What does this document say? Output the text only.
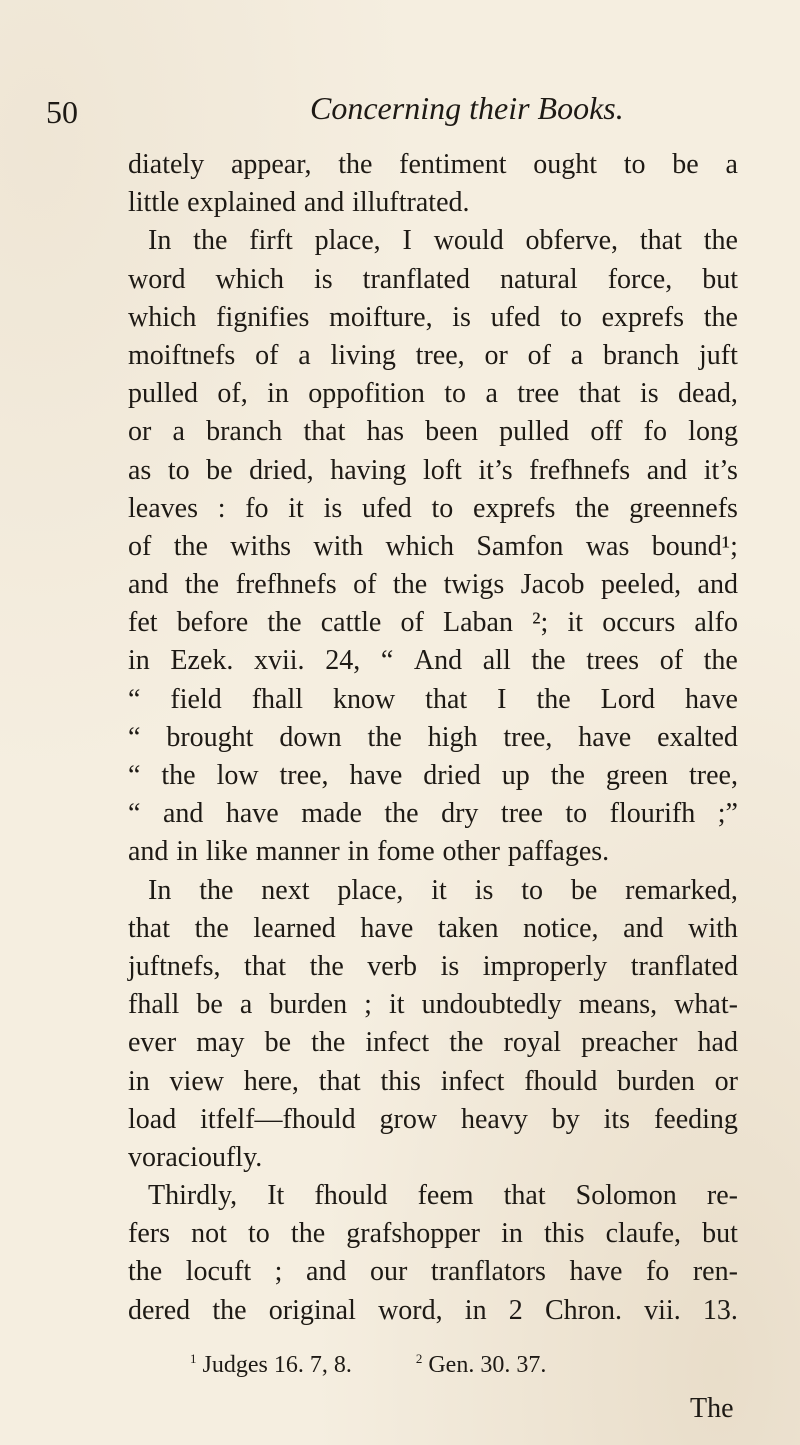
50	Concerning their Books.
diately appear, the fentiment ought to be a
little explained and illuftrated.
In the firft place, I would obferve, that the
word which is tranflated natural force, but
which fignifies moifture, is ufed to exprefs the
moiftnefs of a living tree, or of a branch juft
pulled of, in oppofition to a tree that is dead,
or a branch that has been pulled off fo long
as to be dried, having loft it’s frefhnefs and it’s
leaves : fo it is ufed to exprefs the greennefs
of the withs with which Samfon was bound¹;
and the frefhnefs of the twigs Jacob peeled, and
fet before the cattle of Laban ²; it occurs alfo
in Ezek. xvii. 24, “ And all the trees of the
“ field fhall know that I the Lord have
“ brought down the high tree, have exalted
“ the low tree, have dried up the green tree,
“ and have made the dry tree to flourifh ;”
and in like manner in fome other paffages.
In the next place, it is to be remarked,
that the learned have taken notice, and with
juftnefs, that the verb is improperly tranflated
fhall be a burden ; it undoubtedly means, what-
ever may be the infect the royal preacher had
in view here, that this infect fhould burden or
load itfelf—fhould grow heavy by its feeding
voracioufly.
Thirdly, It fhould feem that Solomon re-
fers not to the grafshopper in this claufe, but
the locuft ; and our tranflators have fo ren-
dered the original word, in 2 Chron. vii. 13.
$^1$ Judges 16. 7, 8.	$^2$ Gen. 30. 37.
The
